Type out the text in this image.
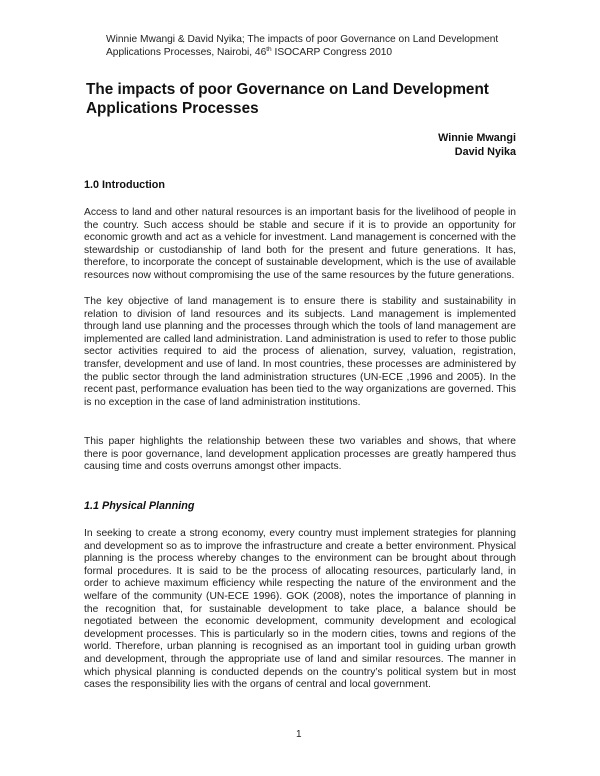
Winnie Mwangi & David Nyika; The impacts of poor Governance on Land Development
Applications Processes, Nairobi, 46th ISOCARP Congress 2010
The impacts of poor Governance on Land Development Applications Processes
Winnie Mwangi
David Nyika
1.0 Introduction

Access to land and other natural resources is an important basis for the livelihood of people in the country. Such access should be stable and secure if it is to provide an opportunity for economic growth and act as a vehicle for investment. Land management is concerned with the stewardship or custodianship of land both for the present and future generations. It has, therefore, to incorporate the concept of sustainable development, which is the use of available resources now without compromising the use of the same resources by the future generations.

The key objective of land management is to ensure there is stability and sustainability in relation to division of land resources and its subjects. Land management is implemented through land use planning and the processes through which the tools of land management are implemented are called land administration. Land administration is used to refer to those public sector activities required to aid the process of alienation, survey, valuation, registration, transfer, development and use of land. In most countries, these processes are administered by the public sector through the land administration structures (UN-ECE ,1996 and 2005). In the recent past, performance evaluation has been tied to the way organizations are governed. This is no exception in the case of land administration institutions.

This paper highlights the relationship between these two variables and shows, that where there is poor governance, land development application processes are greatly hampered thus causing time and costs overruns amongst other impacts.

1.1 Physical Planning

In seeking to create a strong economy, every country must implement strategies for planning and development so as to improve the infrastructure and create a better environment. Physical planning is the process whereby changes to the environment can be brought about through formal procedures. It is said to be the process of allocating resources, particularly land, in order to achieve maximum efficiency while respecting the nature of the environment and the welfare of the community (UN-ECE 1996). GOK (2008), notes the importance of planning in the recognition that, for sustainable development to take place, a balance should be negotiated between the economic development, community development and ecological development processes. This is particularly so in the modern cities, towns and regions of the world. Therefore, urban planning is recognised as an important tool in guiding urban growth and development, through the appropriate use of land and similar resources. The manner in which physical planning is conducted depends on the country’s political system but in most cases the responsibility lies with the organs of central and local government.

1
